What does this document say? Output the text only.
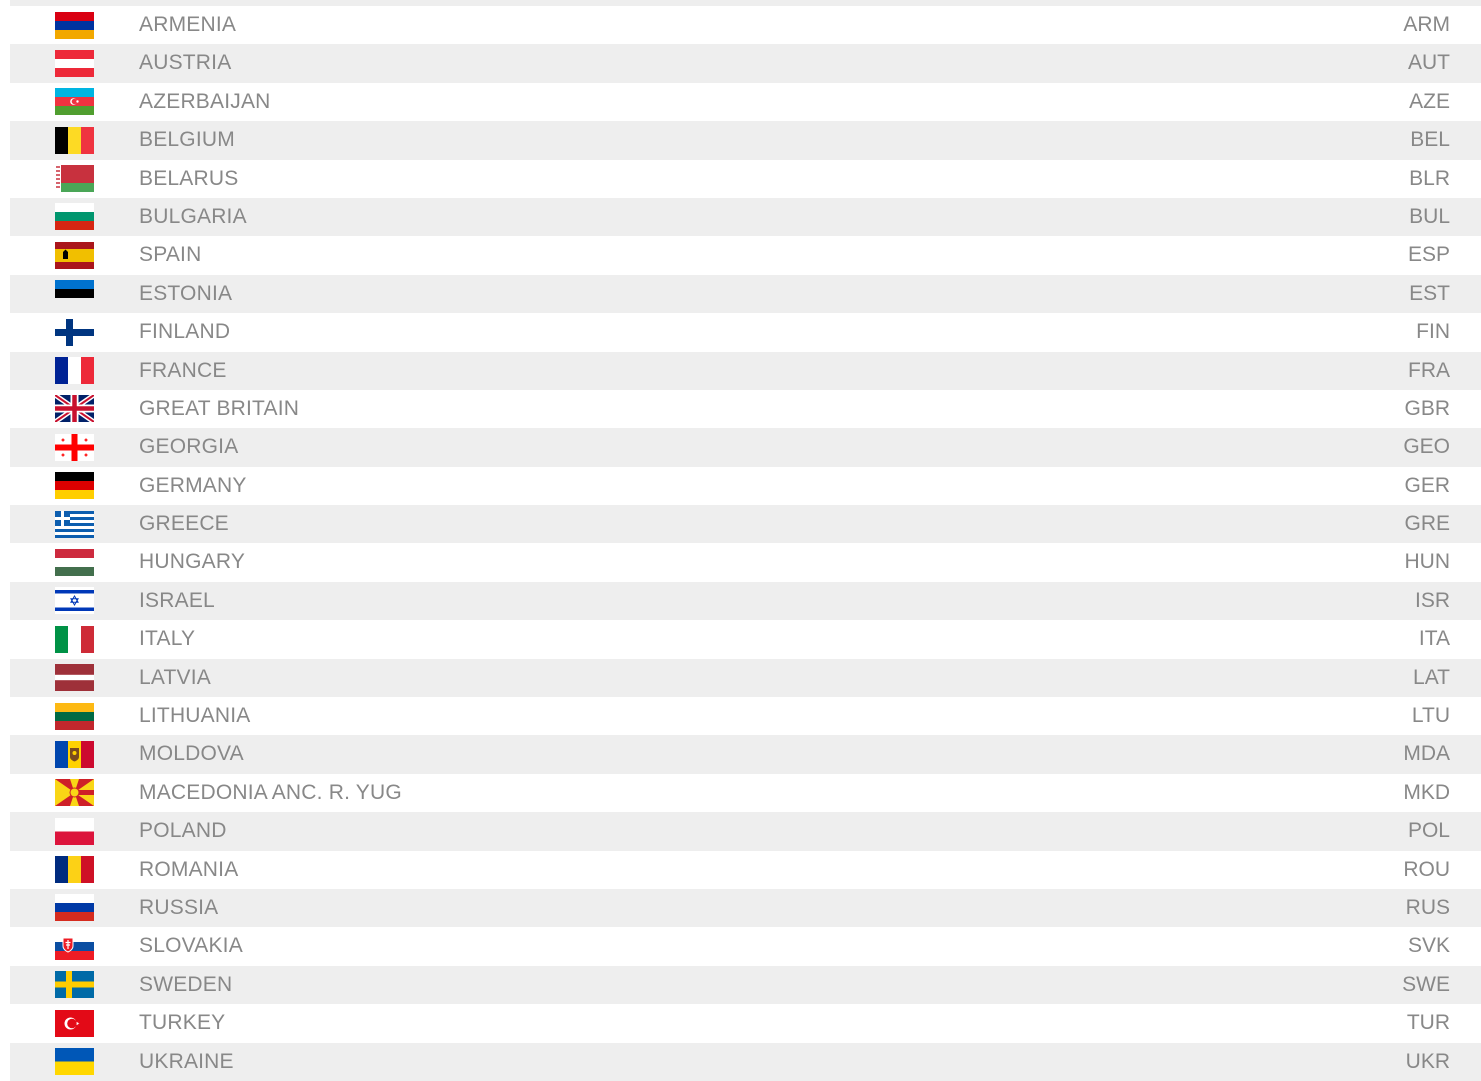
ARMENIA	ARM
AUSTRIA	AUT
AZERBAIJAN	AZE
BELGIUM	BEL
BELARUS	BLR
BULGARIA	BUL
SPAIN	ESP
ESTONIA	EST
FINLAND	FIN
FRANCE	FRA
GREAT BRITAIN	GBR
GEORGIA	GEO
GERMANY	GER
GREECE	GRE
HUNGARY	HUN
ISRAEL	ISR
ITALY	ITA
LATVIA	LAT
LITHUANIA	LTU
MOLDOVA	MDA
MACEDONIA ANC. R. YUG	MKD
POLAND	POL
ROMANIA	ROU
RUSSIA	RUS
SLOVAKIA	SVK
SWEDEN	SWE
TURKEY	TUR
UKRAINE	UKR
